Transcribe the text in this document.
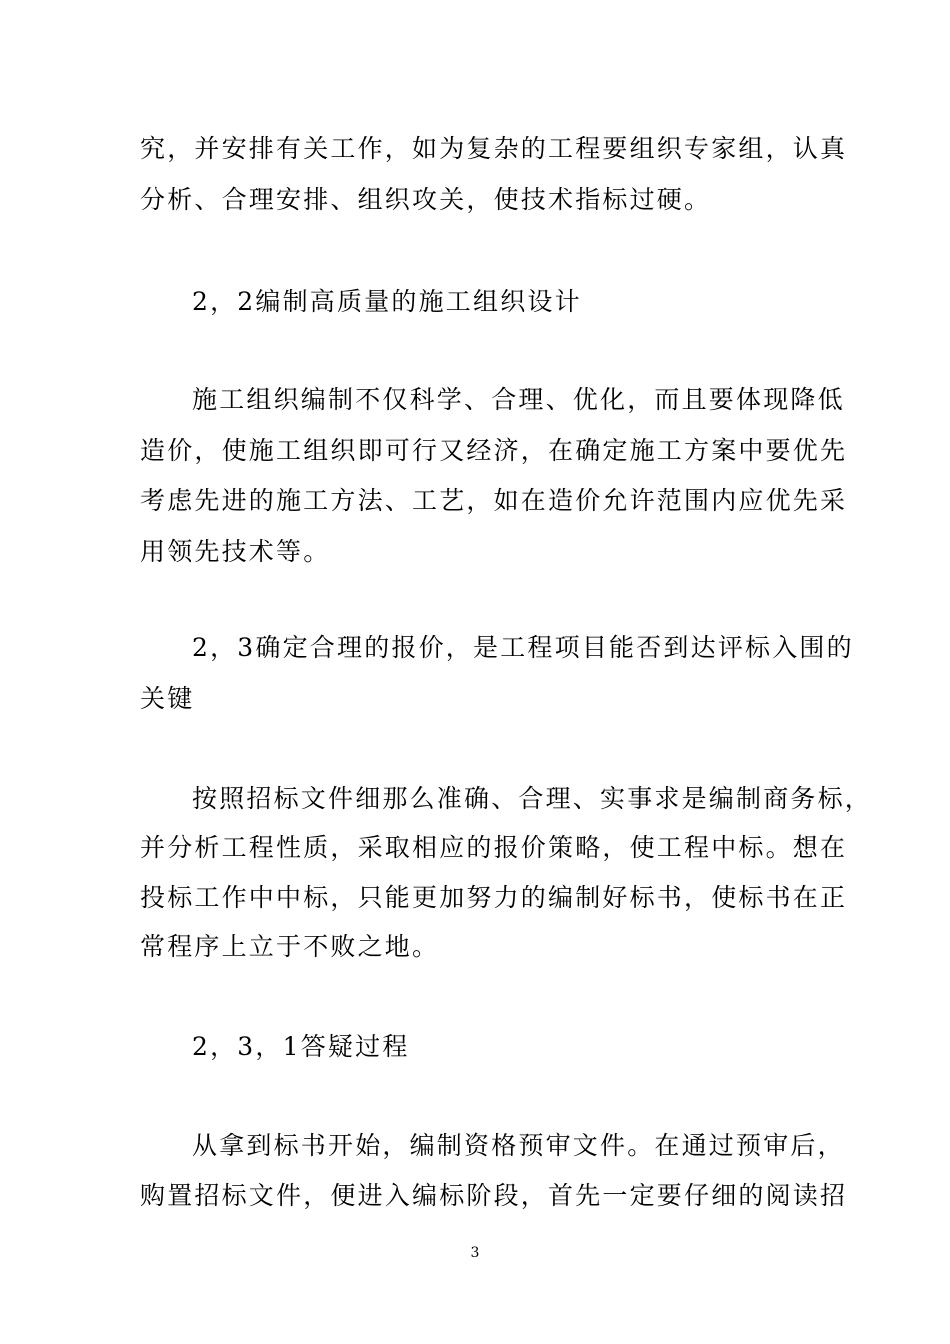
究，并安排有关工作，如为复杂的工程要组织专家组，认真
分析、合理安排、组织攻关，使技术指标过硬。
2，2编制高质量的施工组织设计
施工组织编制不仅科学、合理、优化，而且要体现降低
造价，使施工组织即可行又经济，在确定施工方案中要优先
考虑先进的施工方法、工艺，如在造价允许范围内应优先采
用领先技术等。
2，3确定合理的报价，是工程项目能否到达评标入围的
关键
按照招标文件细那么准确、合理、实事求是编制商务标，
并分析工程性质，采取相应的报价策略，使工程中标。想在
投标工作中中标，只能更加努力的编制好标书，使标书在正
常程序上立于不败之地。
2，3，1答疑过程
从拿到标书开始，编制资格预审文件。在通过预审后，
购置招标文件，便进入编标阶段，首先一定要仔细的阅读招
3
